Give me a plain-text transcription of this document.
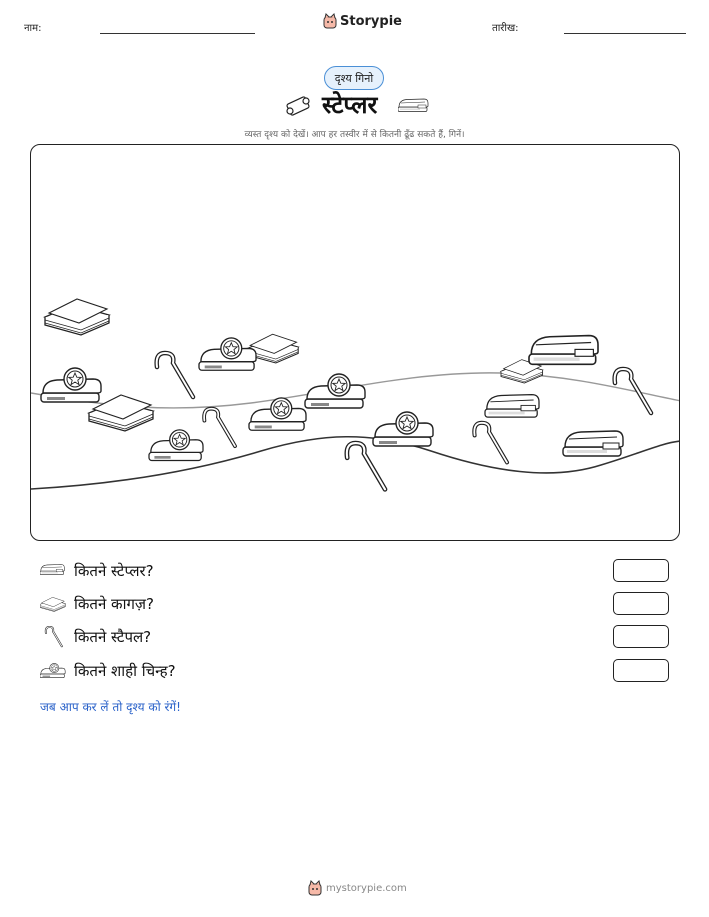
नाम:	Storypie	तारीख:
दृश्य गिनो
स्टेप्लर
व्यस्त दृश्य को देखें। आप हर तस्वीर में से कितनी ढूँढ सकते हैं, गिनें।
कितने स्टेप्लर?
कितने कागज़?
कितने स्टैपल?
कितने शाही चिन्ह?
जब आप कर लें तो दृश्य को रंगें!
mystorypie.com
